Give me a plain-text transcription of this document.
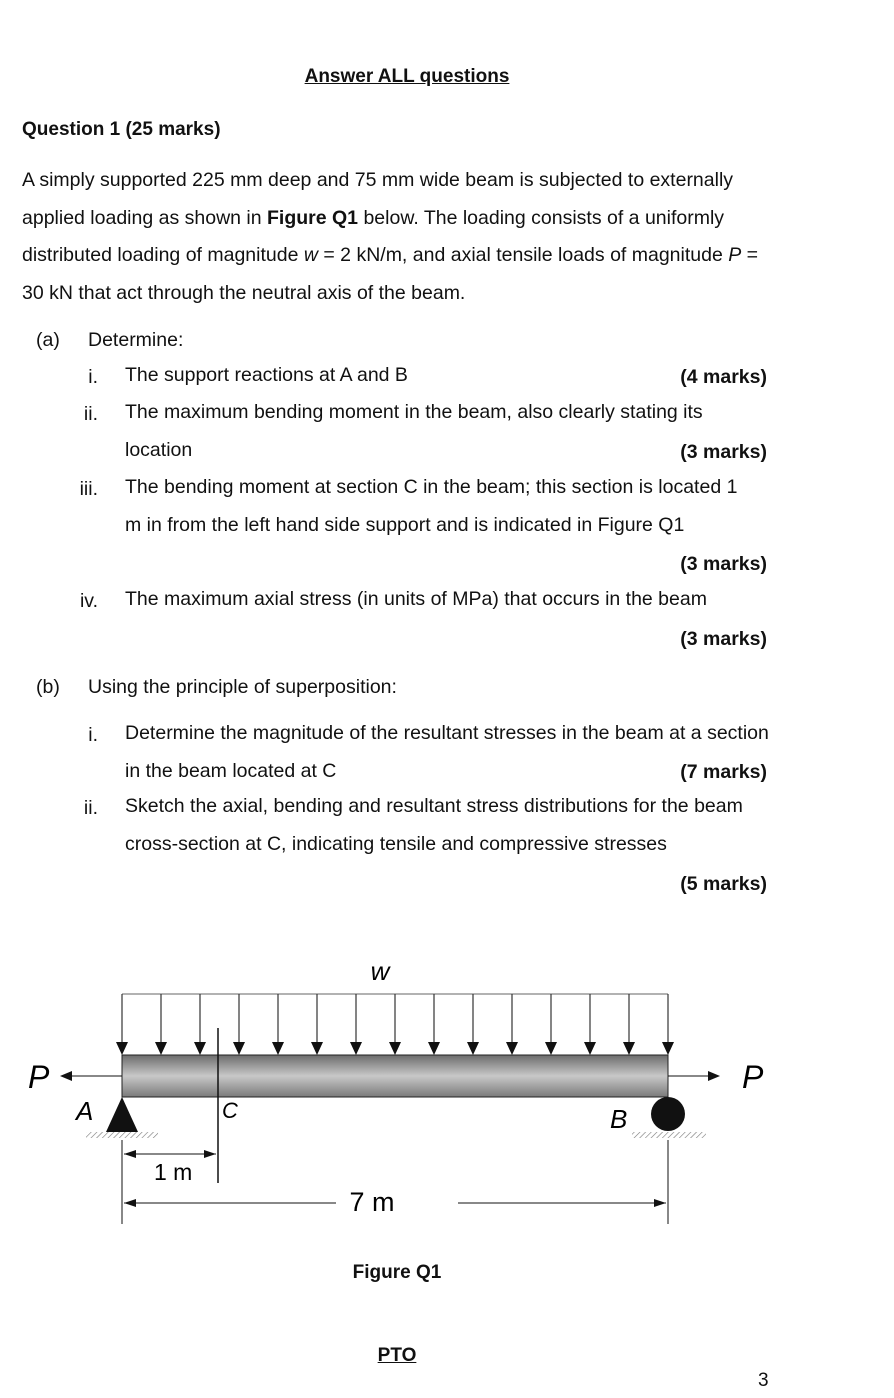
Answer ALL questions
Question 1 (25 marks)
A simply supported 225 mm deep and 75 mm wide beam is subjected to externally applied loading as shown in Figure Q1 below. The loading consists of a uniformly distributed loading of magnitude w = 2 kN/m, and axial tensile loads of magnitude P = 30 kN that act through the neutral axis of the beam.
(a) Determine:
i. The support reactions at A and B	(4 marks)
ii. The maximum bending moment in the beam, also clearly stating its location	(3 marks)
iii. The bending moment at section C in the beam; this section is located 1 m in from the left hand side support and is indicated in Figure Q1
(3 marks)
iv. The maximum axial stress (in units of MPa) that occurs in the beam
(3 marks)
(b) Using the principle of superposition:
i. Determine the magnitude of the resultant stresses in the beam at a section in the beam located at C	(7 marks)
ii. Sketch the axial, bending and resultant stress distributions for the beam cross-section at C, indicating tensile and compressive stresses
(5 marks)
w
C
P	P
A	B
1 m
7 m
Figure Q1
PTO
3
